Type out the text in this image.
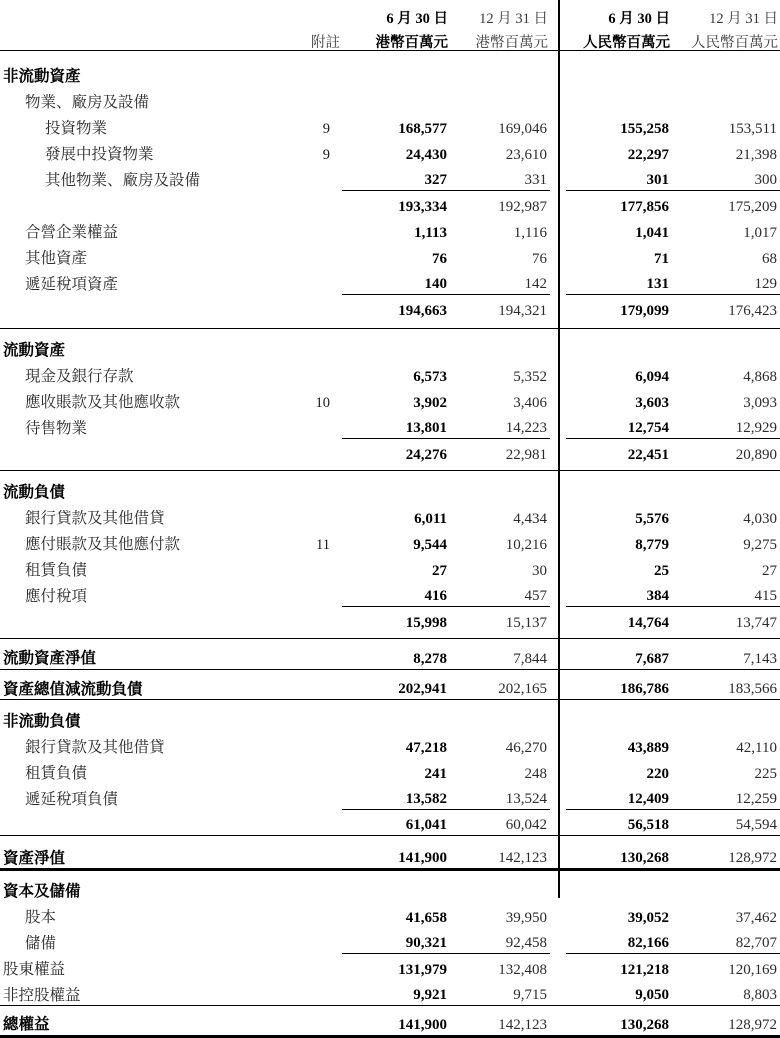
		6 月 30 日	12 月 31 日		6 月 30 日	12 月 31 日
	附註	港幣百萬元	港幣百萬元		人民幣百萬元	人民幣百萬元

非流動資產						
物業、廠房及設備						
投資物業	9	168,577	169,046		155,258	153,511
發展中投資物業	9	24,430	23,610		22,297	21,398
其他物業、廠房及設備		327	331		301	300
		193,334	192,987		177,856	175,209
合營企業權益		1,113	1,116		1,041	1,017
其他資產		76	76		71	68
遞延稅項資產		140	142		131	129
		194,663	194,321		179,099	176,423

流動資產						
現金及銀行存款		6,573	5,352		6,094	4,868
應收賬款及其他應收款	10	3,902	3,406		3,603	3,093
待售物業		13,801	14,223		12,754	12,929
		24,276	22,981		22,451	20,890

流動負債						
銀行貸款及其他借貸		6,011	4,434		5,576	4,030
應付賬款及其他應付款	11	9,544	10,216		8,779	9,275
租賃負債		27	30		25	27
應付稅項		416	457		384	415
		15,998	15,137		14,764	13,747

流動資產淨值		8,278	7,844		7,687	7,143

資產總值減流動負債		202,941	202,165		186,786	183,566

非流動負債						
銀行貸款及其他借貸		47,218	46,270		43,889	42,110
租賃負債		241	248		220	225
遞延稅項負債		13,582	13,524		12,409	12,259
		61,041	60,042		56,518	54,594

資產淨值		141,900	142,123		130,268	128,972

資本及儲備						
股本		41,658	39,950		39,052	37,462
儲備		90,321	92,458		82,166	82,707
股東權益		131,979	132,408		121,218	120,169
非控股權益		9,921	9,715		9,050	8,803

總權益		141,900	142,123		130,268	128,972
